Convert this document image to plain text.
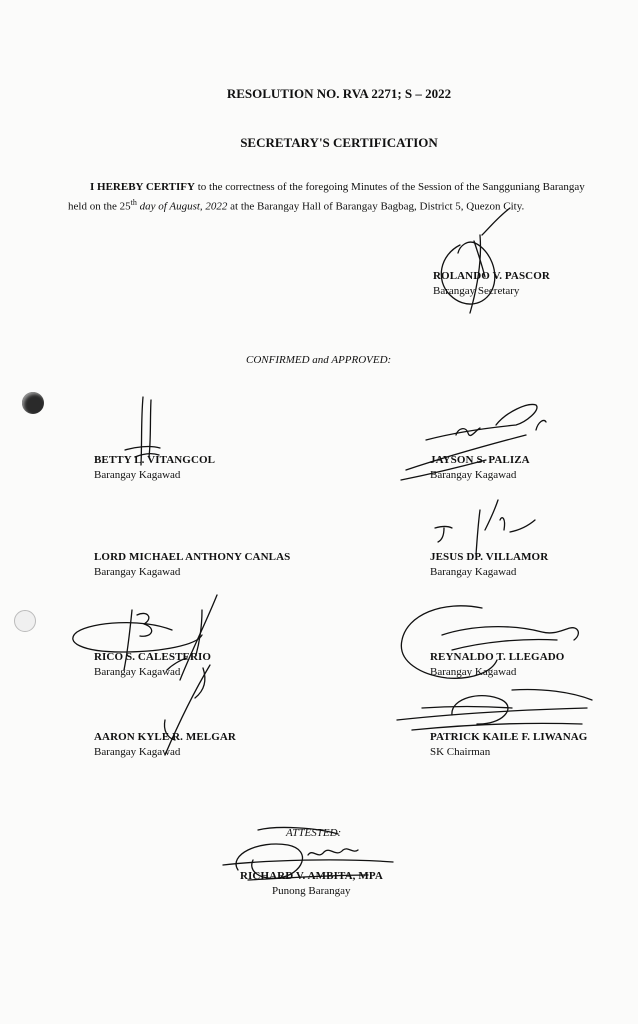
RESOLUTION NO. RVA 2271; S – 2022
SECRETARY'S CERTIFICATION
I HEREBY CERTIFY to the correctness of the foregoing Minutes of the Session of the Sangguniang Barangay
held on the 25th day of August, 2022 at the Barangay Hall of Barangay Bagbag, District 5, Quezon City.
ROLANDO V. PASCOR
Barangay Secretary
CONFIRMED and APPROVED:
BETTY L. VITANGCOL
Barangay Kagawad
JAYSON S. PALIZA
Barangay Kagawad
LORD MICHAEL ANTHONY CANLAS
Barangay Kagawad
JESUS DP. VILLAMOR
Barangay Kagawad
RICO S. CALESTERIO
Barangay Kagawad
REYNALDO T. LLEGADO
Barangay Kagawad
AARON KYLE R. MELGAR
Barangay Kagawad
PATRICK KAILE F. LIWANAG
SK Chairman
ATTESTED:
RICHARD V. AMBITA, MPA
Punong Barangay
